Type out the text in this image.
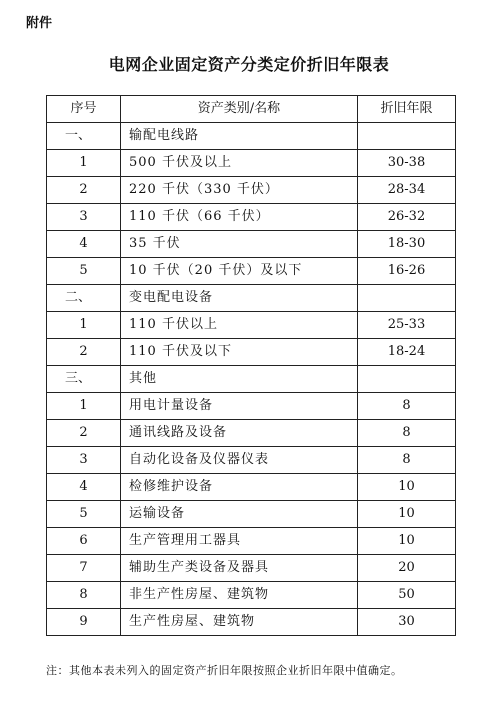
附件
电网企业固定资产分类定价折旧年限表
序号	资产类别/名称	折旧年限
一、	输配电线路	
1	500 千伏及以上	30-38
2	220 千伏（330 千伏）	28-34
3	110 千伏（66 千伏）	26-32
4	35 千伏	18-30
5	10 千伏（20 千伏）及以下	16-26
二、	变电配电设备	
1	110 千伏以上	25-33
2	110 千伏及以下	18-24
三、	其他	
1	用电计量设备	8
2	通讯线路及设备	8
3	自动化设备及仪器仪表	8
4	检修维护设备	10
5	运输设备	10
6	生产管理用工器具	10
7	辅助生产类设备及器具	20
8	非生产性房屋、建筑物	50
9	生产性房屋、建筑物	30
注：其他本表未列入的固定资产折旧年限按照企业折旧年限中值确定。
